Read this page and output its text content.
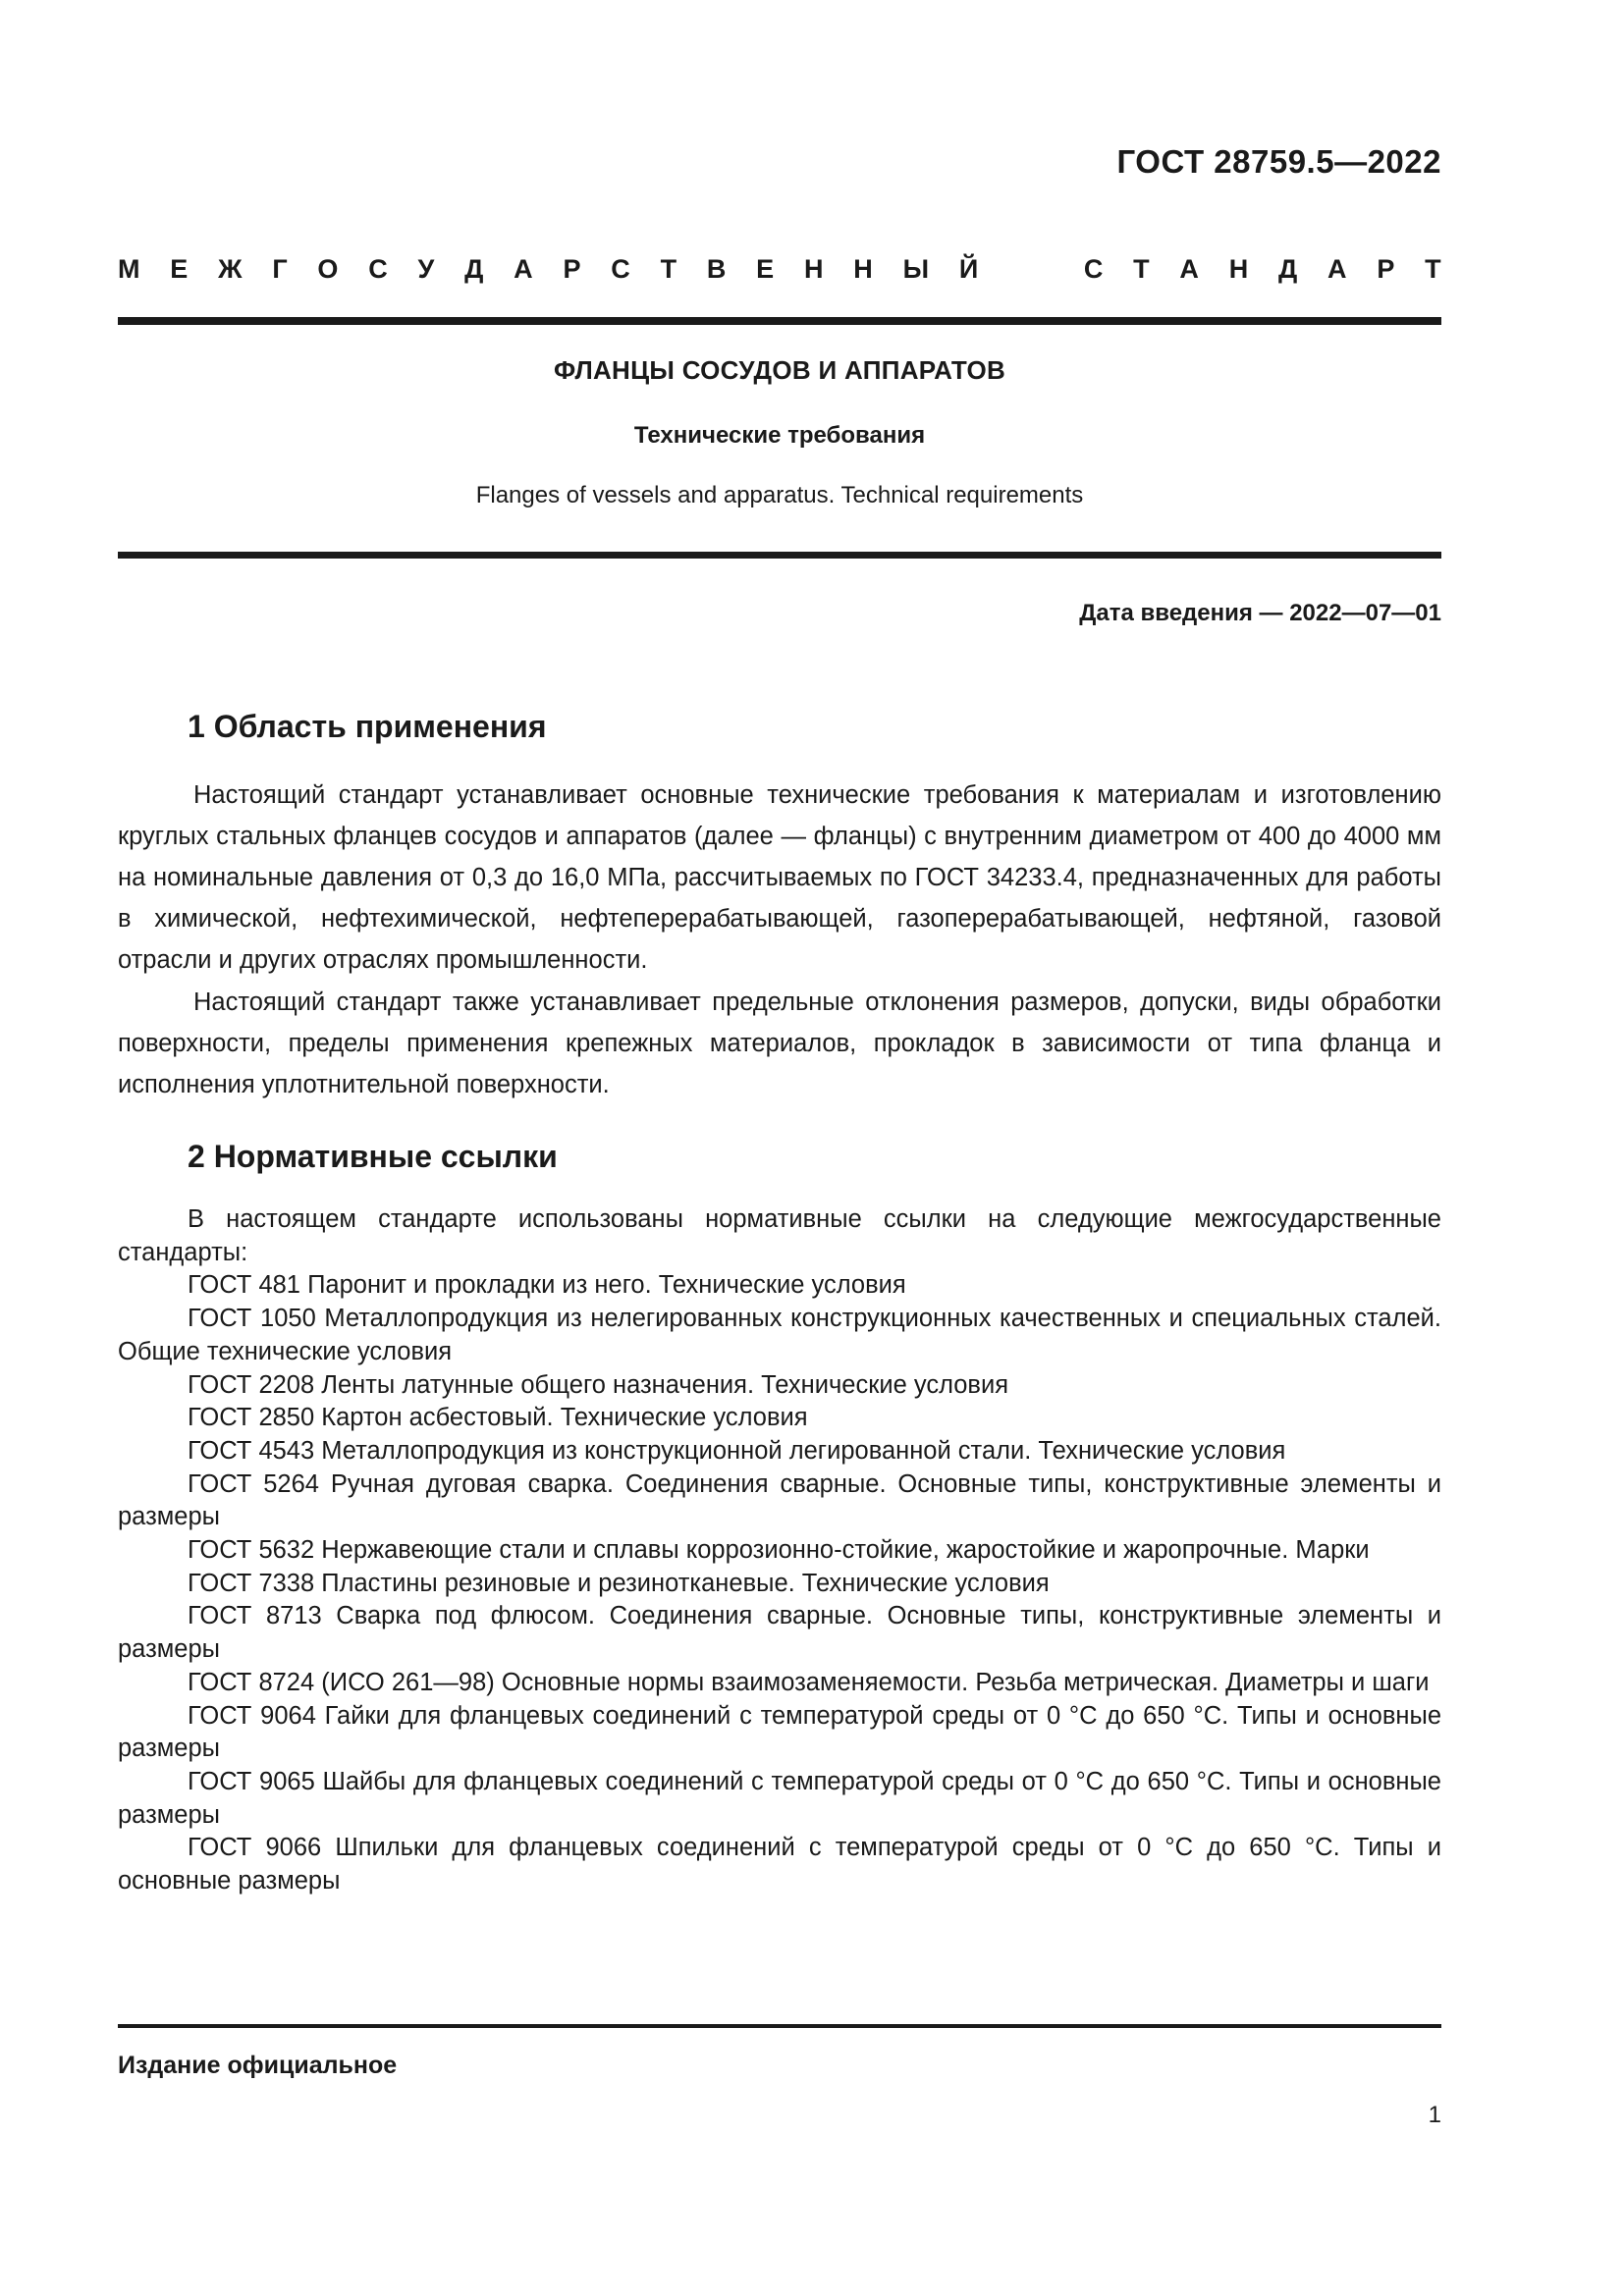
ГОСТ 28759.5—2022
М Е Ж Г О С У Д А Р С Т В Е Н Н Ы Й	С Т А Н Д А Р Т
ФЛАНЦЫ СОСУДОВ И АППАРАТОВ
Технические требования
Flanges of vessels and apparatus. Technical requirements
Дата введения — 2022—07—01
1 Область применения

Настоящий стандарт устанавливает основные технические требования к материалам и изготовлению круглых стальных фланцев сосудов и аппаратов (далее — фланцы) с внутренним диаметром от 400 до 4000 мм на номинальные давления от 0,3 до 16,0 МПа, рассчитываемых по ГОСТ 34233.4, предназначенных для работы в химической, нефтехимической, нефтеперерабатывающей, газоперерабатывающей, нефтяной, газовой отрасли и других отраслях промышленности.

Настоящий стандарт также устанавливает предельные отклонения размеров, допуски, виды обработки поверхности, пределы применения крепежных материалов, прокладок в зависимости от типа фланца и исполнения уплотнительной поверхности.

2 Нормативные ссылки
В настоящем стандарте использованы нормативные ссылки на следующие межгосударственные стандарты:
ГОСТ 481 Паронит и прокладки из него. Технические условия
ГОСТ 1050 Металлопродукция из нелегированных конструкционных качественных и специальных сталей. Общие технические условия
ГОСТ 2208 Ленты латунные общего назначения. Технические условия
ГОСТ 2850 Картон асбестовый. Технические условия
ГОСТ 4543 Металлопродукция из конструкционной легированной стали. Технические условия
ГОСТ 5264 Ручная дуговая сварка. Соединения сварные. Основные типы, конструктивные элементы и размеры
ГОСТ 5632 Нержавеющие стали и сплавы коррозионно-стойкие, жаростойкие и жаропрочные. Марки
ГОСТ 7338 Пластины резиновые и резинотканевые. Технические условия
ГОСТ 8713 Сварка под флюсом. Соединения сварные. Основные типы, конструктивные элементы и размеры
ГОСТ 8724 (ИСО 261—98) Основные нормы взаимозаменяемости. Резьба метрическая. Диаметры и шаги
ГОСТ 9064 Гайки для фланцевых соединений с температурой среды от 0 °С до 650 °С. Типы и основные размеры
ГОСТ 9065 Шайбы для фланцевых соединений с температурой среды от 0 °С до 650 °С. Типы и основные размеры
ГОСТ 9066 Шпильки для фланцевых соединений с температурой среды от 0 °С до 650 °С. Типы и основные размеры
Издание официальное
1
